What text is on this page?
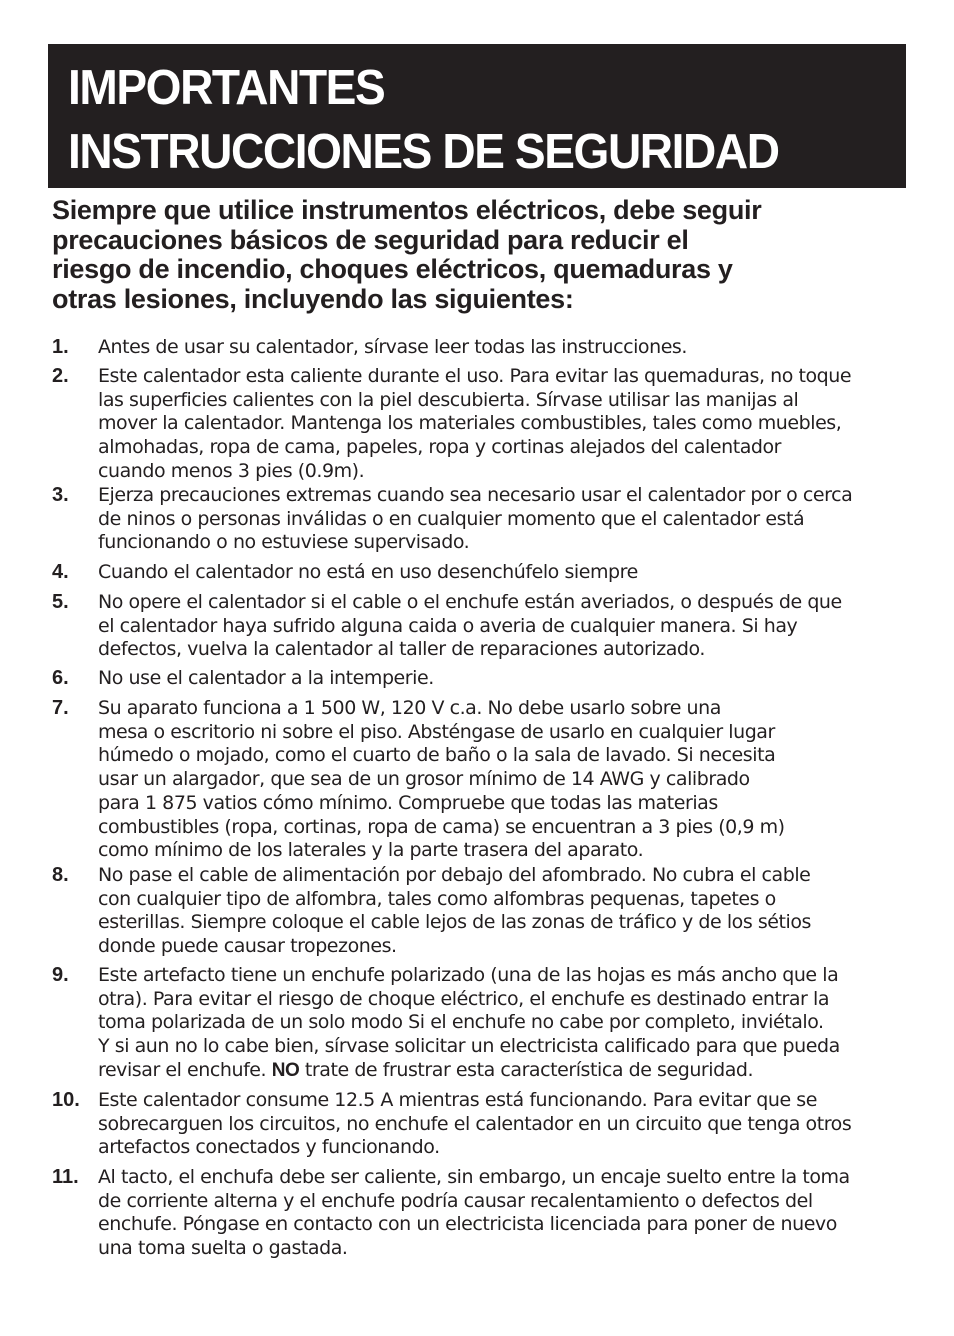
IMPORTANTES
INSTRUCCIONES DE SEGURIDAD
Siempre que utilice instrumentos eléctricos, debe seguir
precauciones básicos de seguridad para reducir el
riesgo de incendio, choques eléctricos, quemaduras y
otras lesiones, incluyendo las siguientes:
1. Antes de usar su calentador, sírvase leer todas las instrucciones.
2. Este calentador esta caliente durante el uso. Para evitar las quemaduras, no toque
las superficies calientes con la piel descubierta. Sírvase utilisar las manijas al
mover la calentador. Mantenga los materiales combustibles, tales como muebles,
almohadas, ropa de cama, papeles, ropa y cortinas alejados del calentador
cuando menos 3 pies (0.9m).
3. Ejerza precauciones extremas cuando sea necesario usar el calentador por o cerca
de ninos o personas inválidas o en cualquier momento que el calentador está
funcionando o no estuviese supervisado.
4. Cuando el calentador no está en uso desenchúfelo siempre
5. No opere el calentador si el cable o el enchufe están averiados, o después de que
el calentador haya sufrido alguna caida o averia de cualquier manera. Si hay
defectos, vuelva la calentador al taller de reparaciones autorizado.
6. No use el calentador a la intemperie.
7. Su aparato funciona a 1 500 W, 120 V c.a. No debe usarlo sobre una
mesa o escritorio ni sobre el piso. Absténgase de usarlo en cualquier lugar
húmedo o mojado, como el cuarto de baño o la sala de lavado. Si necesita
usar un alargador, que sea de un grosor mínimo de 14 AWG y calibrado
para 1 875 vatios cómo mínimo. Compruebe que todas las materias
combustibles (ropa, cortinas, ropa de cama) se encuentran a 3 pies (0,9 m)
como mínimo de los laterales y la parte trasera del aparato.
8. No pase el cable de alimentación por debajo del afombrado. No cubra el cable
con cualquier tipo de alfombra, tales como alfombras pequenas, tapetes o
esterillas. Siempre coloque el cable lejos de las zonas de tráfico y de los sétios
donde puede causar tropezones.
9. Este artefacto tiene un enchufe polarizado (una de las hojas es más ancho que la
otra). Para evitar el riesgo de choque eléctrico, el enchufe es destinado entrar la
toma polarizada de un solo modo Si el enchufe no cabe por completo, inviétalo.
Y si aun no lo cabe bien, sírvase solicitar un electricista calificado para que pueda
revisar el enchufe. NO trate de frustrar esta característica de seguridad.
10. Este calentador consume 12.5 A mientras está funcionando. Para evitar que se
sobrecarguen los circuitos, no enchufe el calentador en un circuito que tenga otros
artefactos conectados y funcionando.
11. Al tacto, el enchufa debe ser caliente, sin embargo, un encaje suelto entre la toma
de corriente alterna y el enchufe podría causar recalentamiento o defectos del
enchufe. Póngase en contacto con un electricista licenciada para poner de nuevo
una toma suelta o gastada.
